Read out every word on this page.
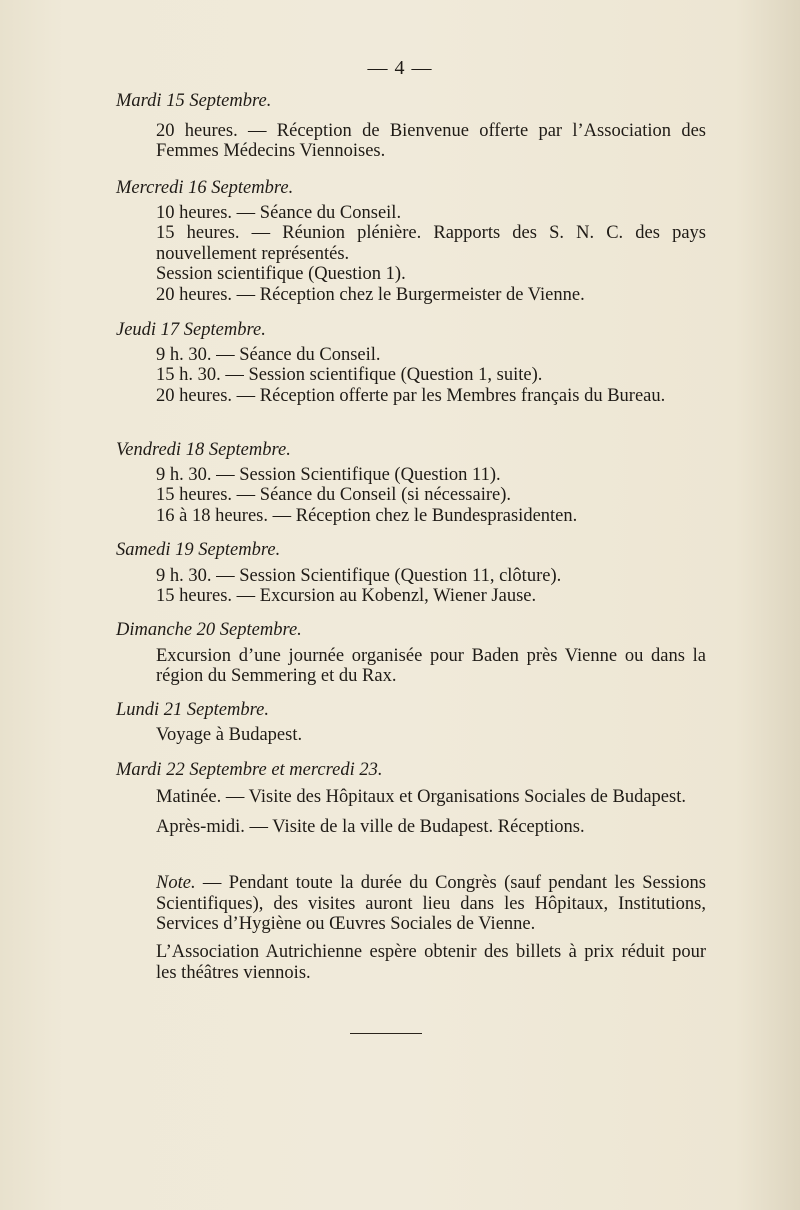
— 4 —

Mardi 15 Septembre.

20 heures. — Réception de Bienvenue offerte par l’Association des Femmes Médecins Viennoises.

Mercredi 16 Septembre.

10 heures. — Séance du Conseil.

15 heures. — Réunion plénière. Rapports des S. N. C. des pays nouvellement représentés.

Session scientifique (Question 1).

20 heures. — Réception chez le Burgermeister de Vienne.

Jeudi 17 Septembre.

9 h. 30. — Séance du Conseil.

15 h. 30. — Session scientifique (Question 1, suite).

20 heures. — Réception offerte par les Membres français du Bureau.

Vendredi 18 Septembre.

9 h. 30. — Session Scientifique (Question 11).

15 heures. — Séance du Conseil (si nécessaire).

16 à 18 heures. — Réception chez le Bundesprasidenten.

Samedi 19 Septembre.

9 h. 30. — Session Scientifique (Question 11, clôture).

15 heures. — Excursion au Kobenzl, Wiener Jause.

Dimanche 20 Septembre.

Excursion d’une journée organisée pour Baden près Vienne ou dans la région du Semmering et du Rax.

Lundi 21 Septembre.

Voyage à Budapest.

Mardi 22 Septembre et mercredi 23.

Matinée. — Visite des Hôpitaux et Organisations Sociales de Budapest.

Après-midi. — Visite de la ville de Budapest. Réceptions.

Note. — Pendant toute la durée du Congrès (sauf pendant les Sessions Scientifiques), des visites auront lieu dans les Hôpitaux, Institutions, Services d’Hygiène ou Œuvres Sociales de Vienne.

L’Association Autrichienne espère obtenir des billets à prix réduit pour les théâtres viennois.
